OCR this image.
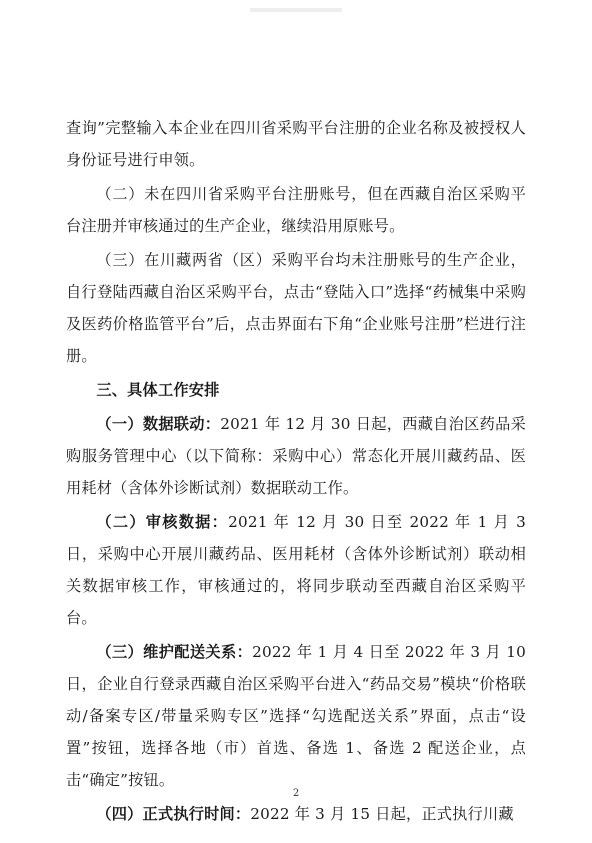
查询”完整输入本企业在四川省采购平台注册的企业名称及被授权人身份证号进行申领。

（二）未在四川省采购平台注册账号，但在西藏自治区采购平台注册并审核通过的生产企业，继续沿用原账号。

（三）在川藏两省（区）采购平台均未注册账号的生产企业，自行登陆西藏自治区采购平台，点击“登陆入口”选择“药械集中采购及医药价格监管平台”后，点击界面右下角“企业账号注册”栏进行注册。

三、具体工作安排

（一）数据联动：2021 年 12 月 30 日起，西藏自治区药品采购服务管理中心（以下简称：采购中心）常态化开展川藏药品、医用耗材（含体外诊断试剂）数据联动工作。

（二）审核数据：2021 年 12 月 30 日至 2022 年 1 月 3 日，采购中心开展川藏药品、医用耗材（含体外诊断试剂）联动相关数据审核工作，审核通过的，将同步联动至西藏自治区采购平台。

（三）维护配送关系：2022 年 1 月 4 日至 2022 年 3 月 10 日，企业自行登录西藏自治区采购平台进入“药品交易”模块“价格联动/备案专区/带量采购专区”选择“勾选配送关系”界面，点击“设置”按钮，选择各地（市）首选、备选 1、备选 2 配送企业，点击“确定”按钮。

（四）正式执行时间：2022 年 3 月 15 日起，正式执行川藏

2
